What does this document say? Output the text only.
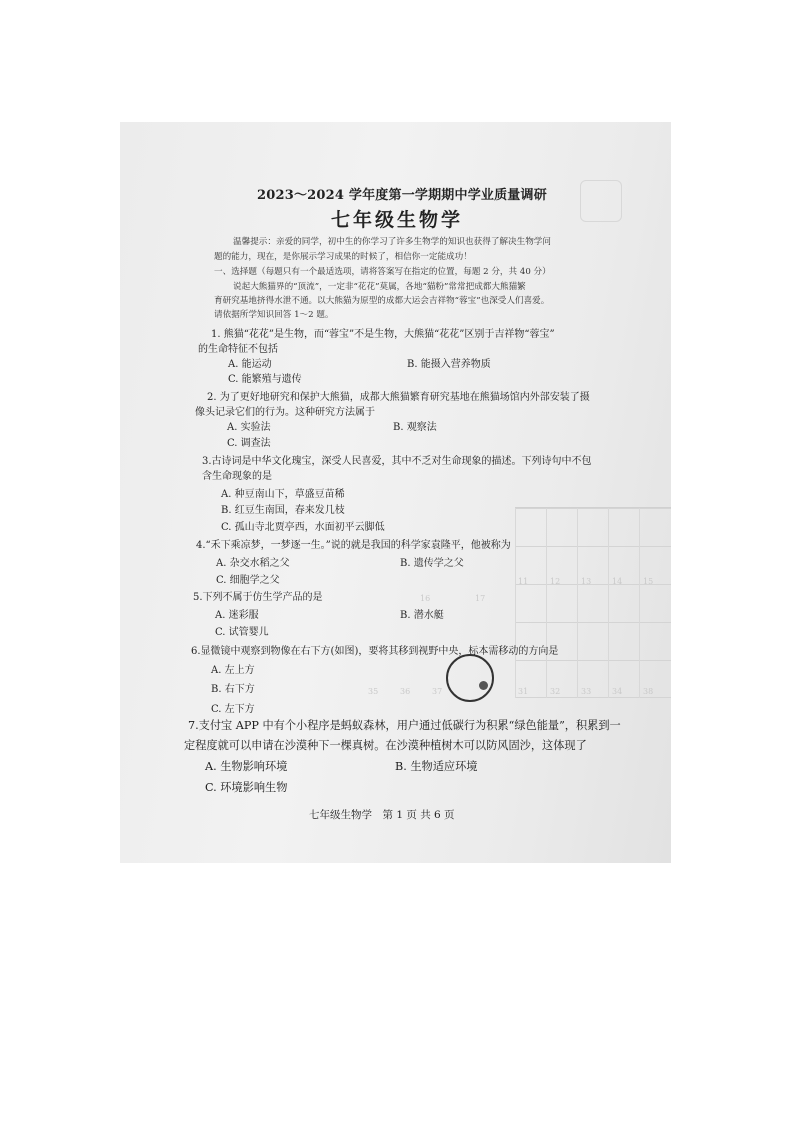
2023～2024 学年度第一学期期中学业质量调研
七年级生物学
温馨提示：亲爱的同学，初中生的你学习了许多生物学的知识也获得了解决生物学问
题的能力，现在，是你展示学习成果的时候了，相信你一定能成功！
一、选择题（每题只有一个最适选项，请将答案写在指定的位置，每题 2 分，共 40 分）
说起大熊猫界的“顶流”，一定非“花花”莫属，各地“猫粉”常常把成都大熊猫繁
育研究基地挤得水泄不通。以大熊猫为原型的成都大运会吉祥物“蓉宝”也深受人们喜爱。
请依据所学知识回答 1～2 题。
1. 熊猫“花花”是生物，而“蓉宝”不是生物，大熊猫“花花”区别于吉祥物“蓉宝”
的生命特征不包括
A. 能运动	B. 能摄入营养物质
C. 能繁殖与遗传
2. 为了更好地研究和保护大熊猫，成都大熊猫繁育研究基地在熊猫场馆内外部安装了摄
像头记录它们的行为。这种研究方法属于
A. 实验法	B. 观察法
C. 调查法
3.古诗词是中华文化瑰宝，深受人民喜爱，其中不乏对生命现象的描述。下列诗句中不包
含生命现象的是
A. 种豆南山下，草盛豆苗稀
B. 红豆生南国，春来发几枝
C. 孤山寺北贾亭西，水面初平云脚低
4.“禾下乘凉梦，一梦逐一生。”说的就是我国的科学家袁隆平，他被称为
A. 杂交水稻之父	B. 遗传学之父
C. 细胞学之父
5.下列不属于仿生学产品的是
A. 迷彩服	B. 潜水艇
C. 试管婴儿
6.显微镜中观察到物像在右下方(如图)，要将其移到视野中央，标本需移动的方向是
A. 左上方
B. 右下方
C. 左下方
7.支付宝 APP 中有个小程序是蚂蚁森林，用户通过低碳行为积累“绿色能量”，积累到一
定程度就可以申请在沙漠种下一棵真树。在沙漠种植树木可以防风固沙，这体现了
A. 生物影响环境	B. 生物适应环境
C. 环境影响生物
七年级生物学　第 1 页 共 6 页
11	12	13	14	15
16	17
31	32	33	34
35	36	37	38
